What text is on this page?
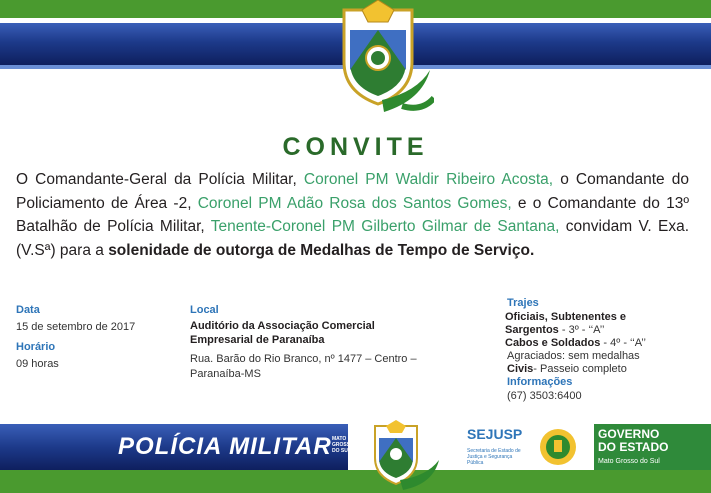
CONVITE
O Comandante-Geral da Polícia Militar, Coronel PM Waldir Ribeiro Acosta, o Comandante do Policiamento de Área -2, Coronel PM Adão Rosa dos Santos Gomes, e o Comandante do 13º Batalhão de Polícia Militar, Tenente-Coronel PM Gilberto Gilmar de Santana, convidam V. Exa. (V.Sª) para a solenidade de outorga de Medalhas de Tempo de Serviço.
Data
15 de setembro de 2017
Horário
09 horas
Local
Auditório da Associação Comercial
Empresarial de Paranaíba
Rua. Barão do Rio Branco, nº 1477 – Centro –
Paranaíba-MS
Trajes
Oficiais, Subtenentes e
Sargentos - 3º - ‘‘A’’
Cabos e Soldados - 4º - ‘‘A’’
Agraciados: sem medalhas
Civis- Passeio completo
Informações
(67) 3503:6400
POLÍCIA MILITAR MATO
GROSSO
DO SUL
SEJUSP
Secretaria de Estado de Justiça e Segurança Pública
GOVERNO
DO ESTADO
Mato Grosso do Sul
